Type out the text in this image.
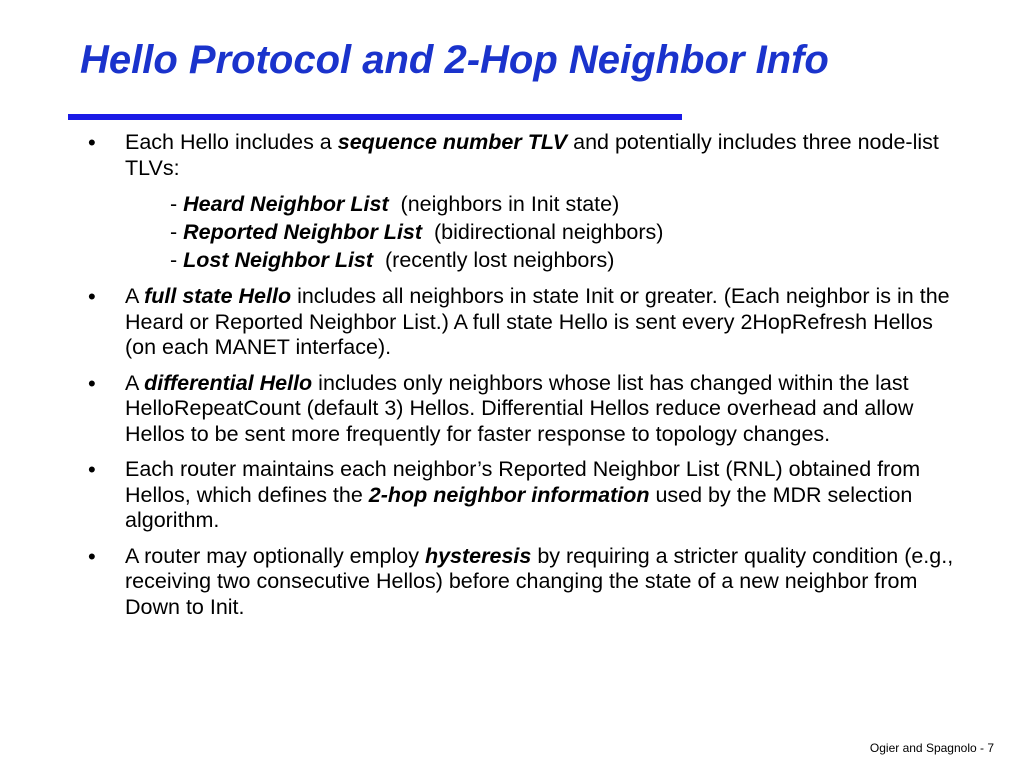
Hello Protocol and 2-Hop Neighbor Info
• Each Hello includes a sequence number TLV and potentially includes three node-list TLVs:
- Heard Neighbor List  (neighbors in Init state)
- Reported Neighbor List  (bidirectional neighbors)
- Lost Neighbor List  (recently lost neighbors)
• A full state Hello includes all neighbors in state Init or greater. (Each neighbor is in the Heard or Reported Neighbor List.) A full state Hello is sent every 2HopRefresh Hellos (on each MANET interface).
• A differential Hello includes only neighbors whose list has changed within the last HelloRepeatCount (default 3) Hellos. Differential Hellos reduce overhead and allow Hellos to be sent more frequently for faster response to topology changes.
• Each router maintains each neighbor’s Reported Neighbor List (RNL) obtained from Hellos, which defines the 2-hop neighbor information used by the MDR selection algorithm.
• A router may optionally employ hysteresis by requiring a stricter quality condition (e.g., receiving two consecutive Hellos) before changing the state of a new neighbor from Down to Init.
Ogier and Spagnolo - 7
